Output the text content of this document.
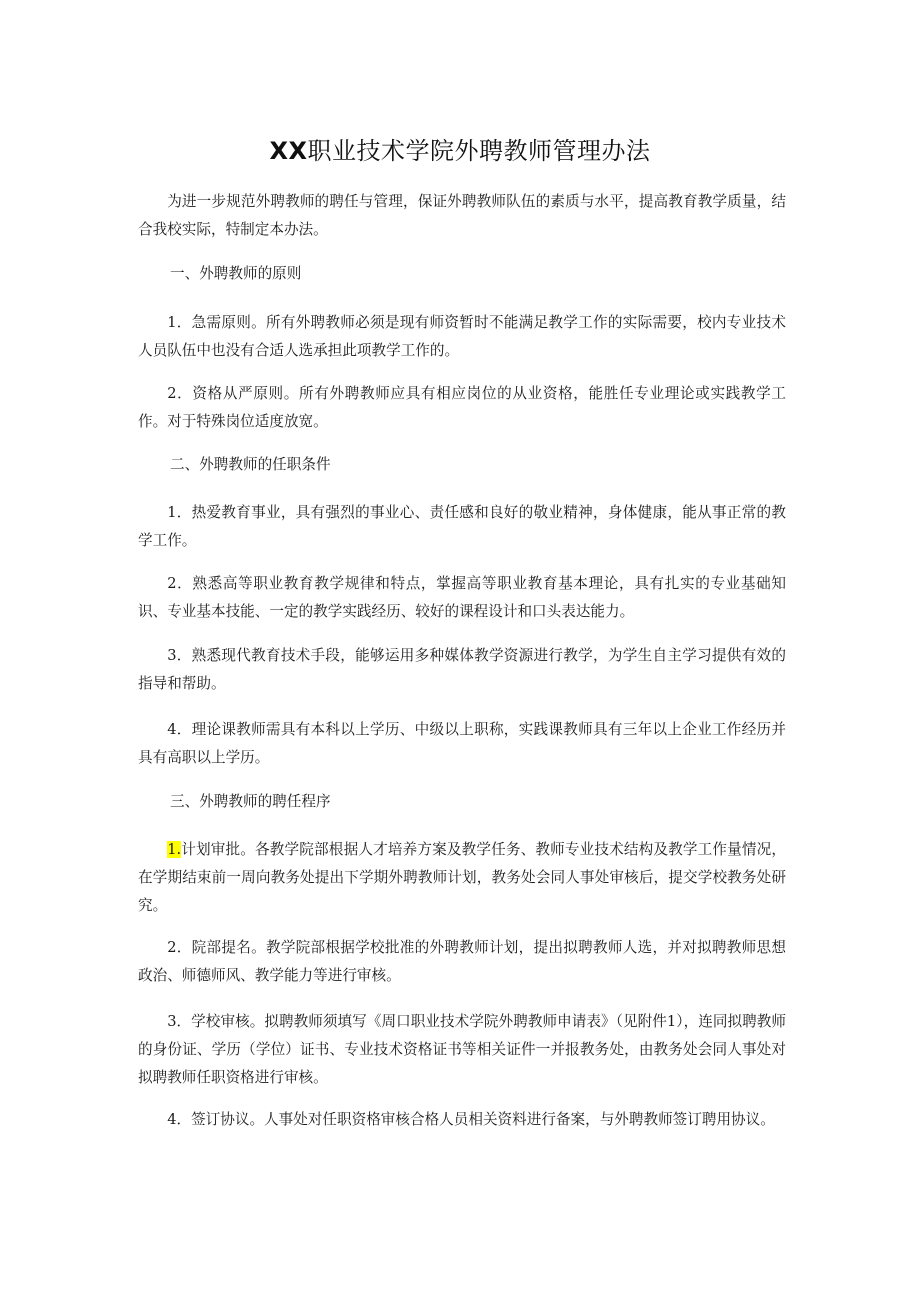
XX职业技术学院外聘教师管理办法

为进一步规范外聘教师的聘任与管理，保证外聘教师队伍的素质与水平，提高教育教学质量，结合我校实际，特制定本办法。

一、外聘教师的原则

1．急需原则。所有外聘教师必须是现有师资暂时不能满足教学工作的实际需要，校内专业技术人员队伍中也没有合适人选承担此项教学工作的。

2．资格从严原则。所有外聘教师应具有相应岗位的从业资格，能胜任专业理论或实践教学工作。对于特殊岗位适度放宽。

二、外聘教师的任职条件

1．热爱教育事业，具有强烈的事业心、责任感和良好的敬业精神，身体健康，能从事正常的教学工作。

2．熟悉高等职业教育教学规律和特点，掌握高等职业教育基本理论，具有扎实的专业基础知识、专业基本技能、一定的教学实践经历、较好的课程设计和口头表达能力。

3．熟悉现代教育技术手段，能够运用多种媒体教学资源进行教学，为学生自主学习提供有效的指导和帮助。

4．理论课教师需具有本科以上学历、中级以上职称，实践课教师具有三年以上企业工作经历并具有高职以上学历。

三、外聘教师的聘任程序

1.计划审批。各教学院部根据人才培养方案及教学任务、教师专业技术结构及教学工作量情况，在学期结束前一周向教务处提出下学期外聘教师计划，教务处会同人事处审核后，提交学校教务处研究。

2．院部提名。教学院部根据学校批准的外聘教师计划，提出拟聘教师人选，并对拟聘教师思想政治、师德师风、教学能力等进行审核。

3．学校审核。拟聘教师须填写《周口职业技术学院外聘教师申请表》（见附件1），连同拟聘教师的身份证、学历（学位）证书、专业技术资格证书等相关证件一并报教务处，由教务处会同人事处对拟聘教师任职资格进行审核。

4．签订协议。人事处对任职资格审核合格人员相关资料进行备案，与外聘教师签订聘用协议。
